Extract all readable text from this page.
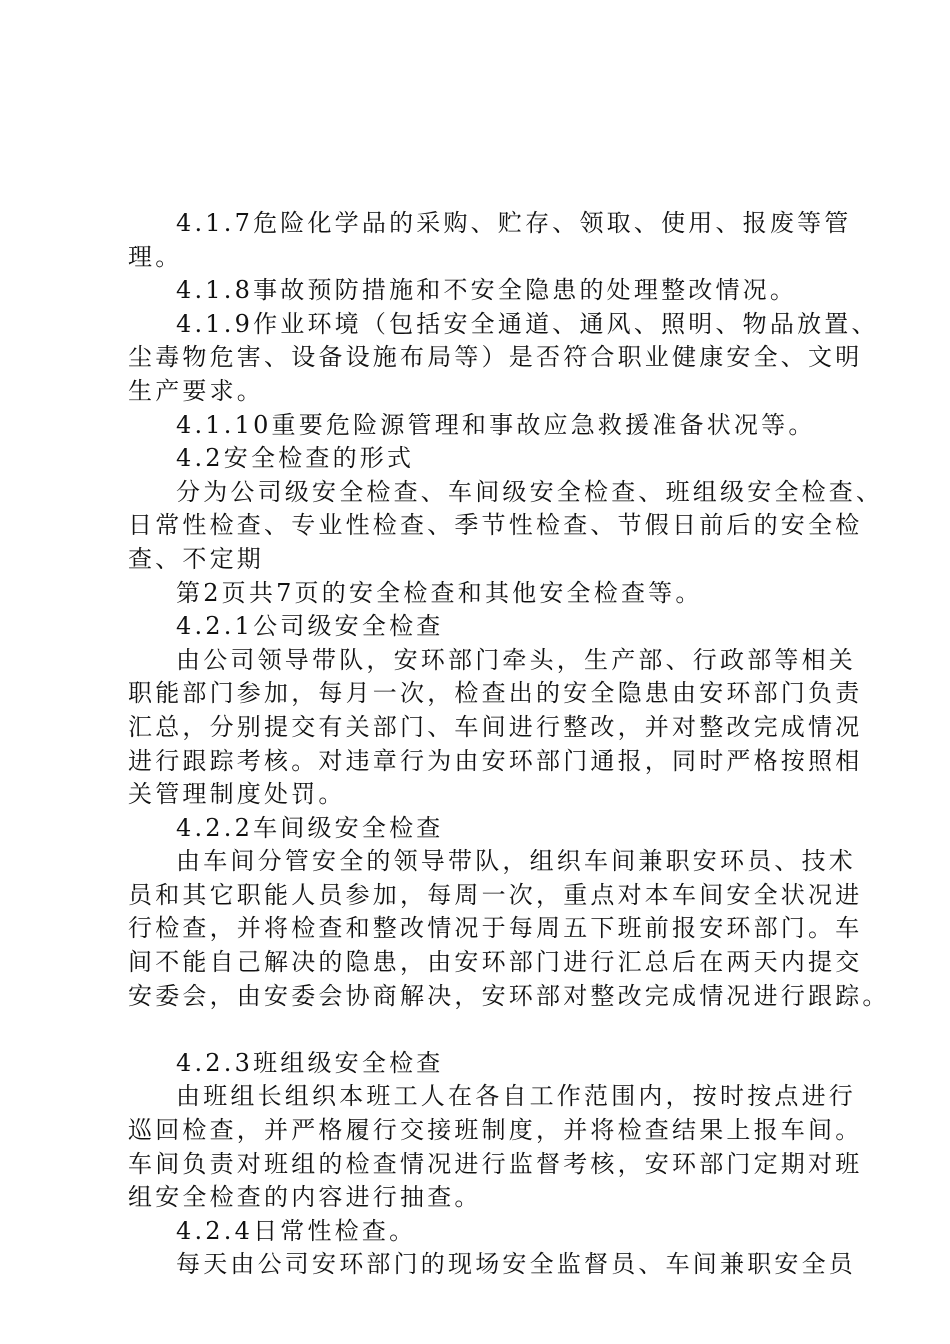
4.1.7危险化学品的采购、贮存、领取、使用、报废等管
理。
4.1.8事故预防措施和不安全隐患的处理整改情况。
4.1.9作业环境（包括安全通道、通风、照明、物品放置、
尘毒物危害、设备设施布局等）是否符合职业健康安全、文明
生产要求。
4.1.10重要危险源管理和事故应急救援准备状况等。
4.2安全检查的形式
分为公司级安全检查、车间级安全检查、班组级安全检查、
日常性检查、专业性检查、季节性检查、节假日前后的安全检
查、不定期
第2页共7页的安全检查和其他安全检查等。
4.2.1公司级安全检查
由公司领导带队，安环部门牵头，生产部、行政部等相关
职能部门参加，每月一次，检查出的安全隐患由安环部门负责
汇总，分别提交有关部门、车间进行整改，并对整改完成情况
进行跟踪考核。对违章行为由安环部门通报，同时严格按照相
关管理制度处罚。
4.2.2车间级安全检查
由车间分管安全的领导带队，组织车间兼职安环员、技术
员和其它职能人员参加，每周一次，重点对本车间安全状况进
行检查，并将检查和整改情况于每周五下班前报安环部门。车
间不能自己解决的隐患，由安环部门进行汇总后在两天内提交
安委会，由安委会协商解决，安环部对整改完成情况进行跟踪。
4.2.3班组级安全检查
由班组长组织本班工人在各自工作范围内，按时按点进行
巡回检查，并严格履行交接班制度，并将检查结果上报车间。
车间负责对班组的检查情况进行监督考核，安环部门定期对班
组安全检查的内容进行抽查。
4.2.4日常性检查。
每天由公司安环部门的现场安全监督员、车间兼职安全员
